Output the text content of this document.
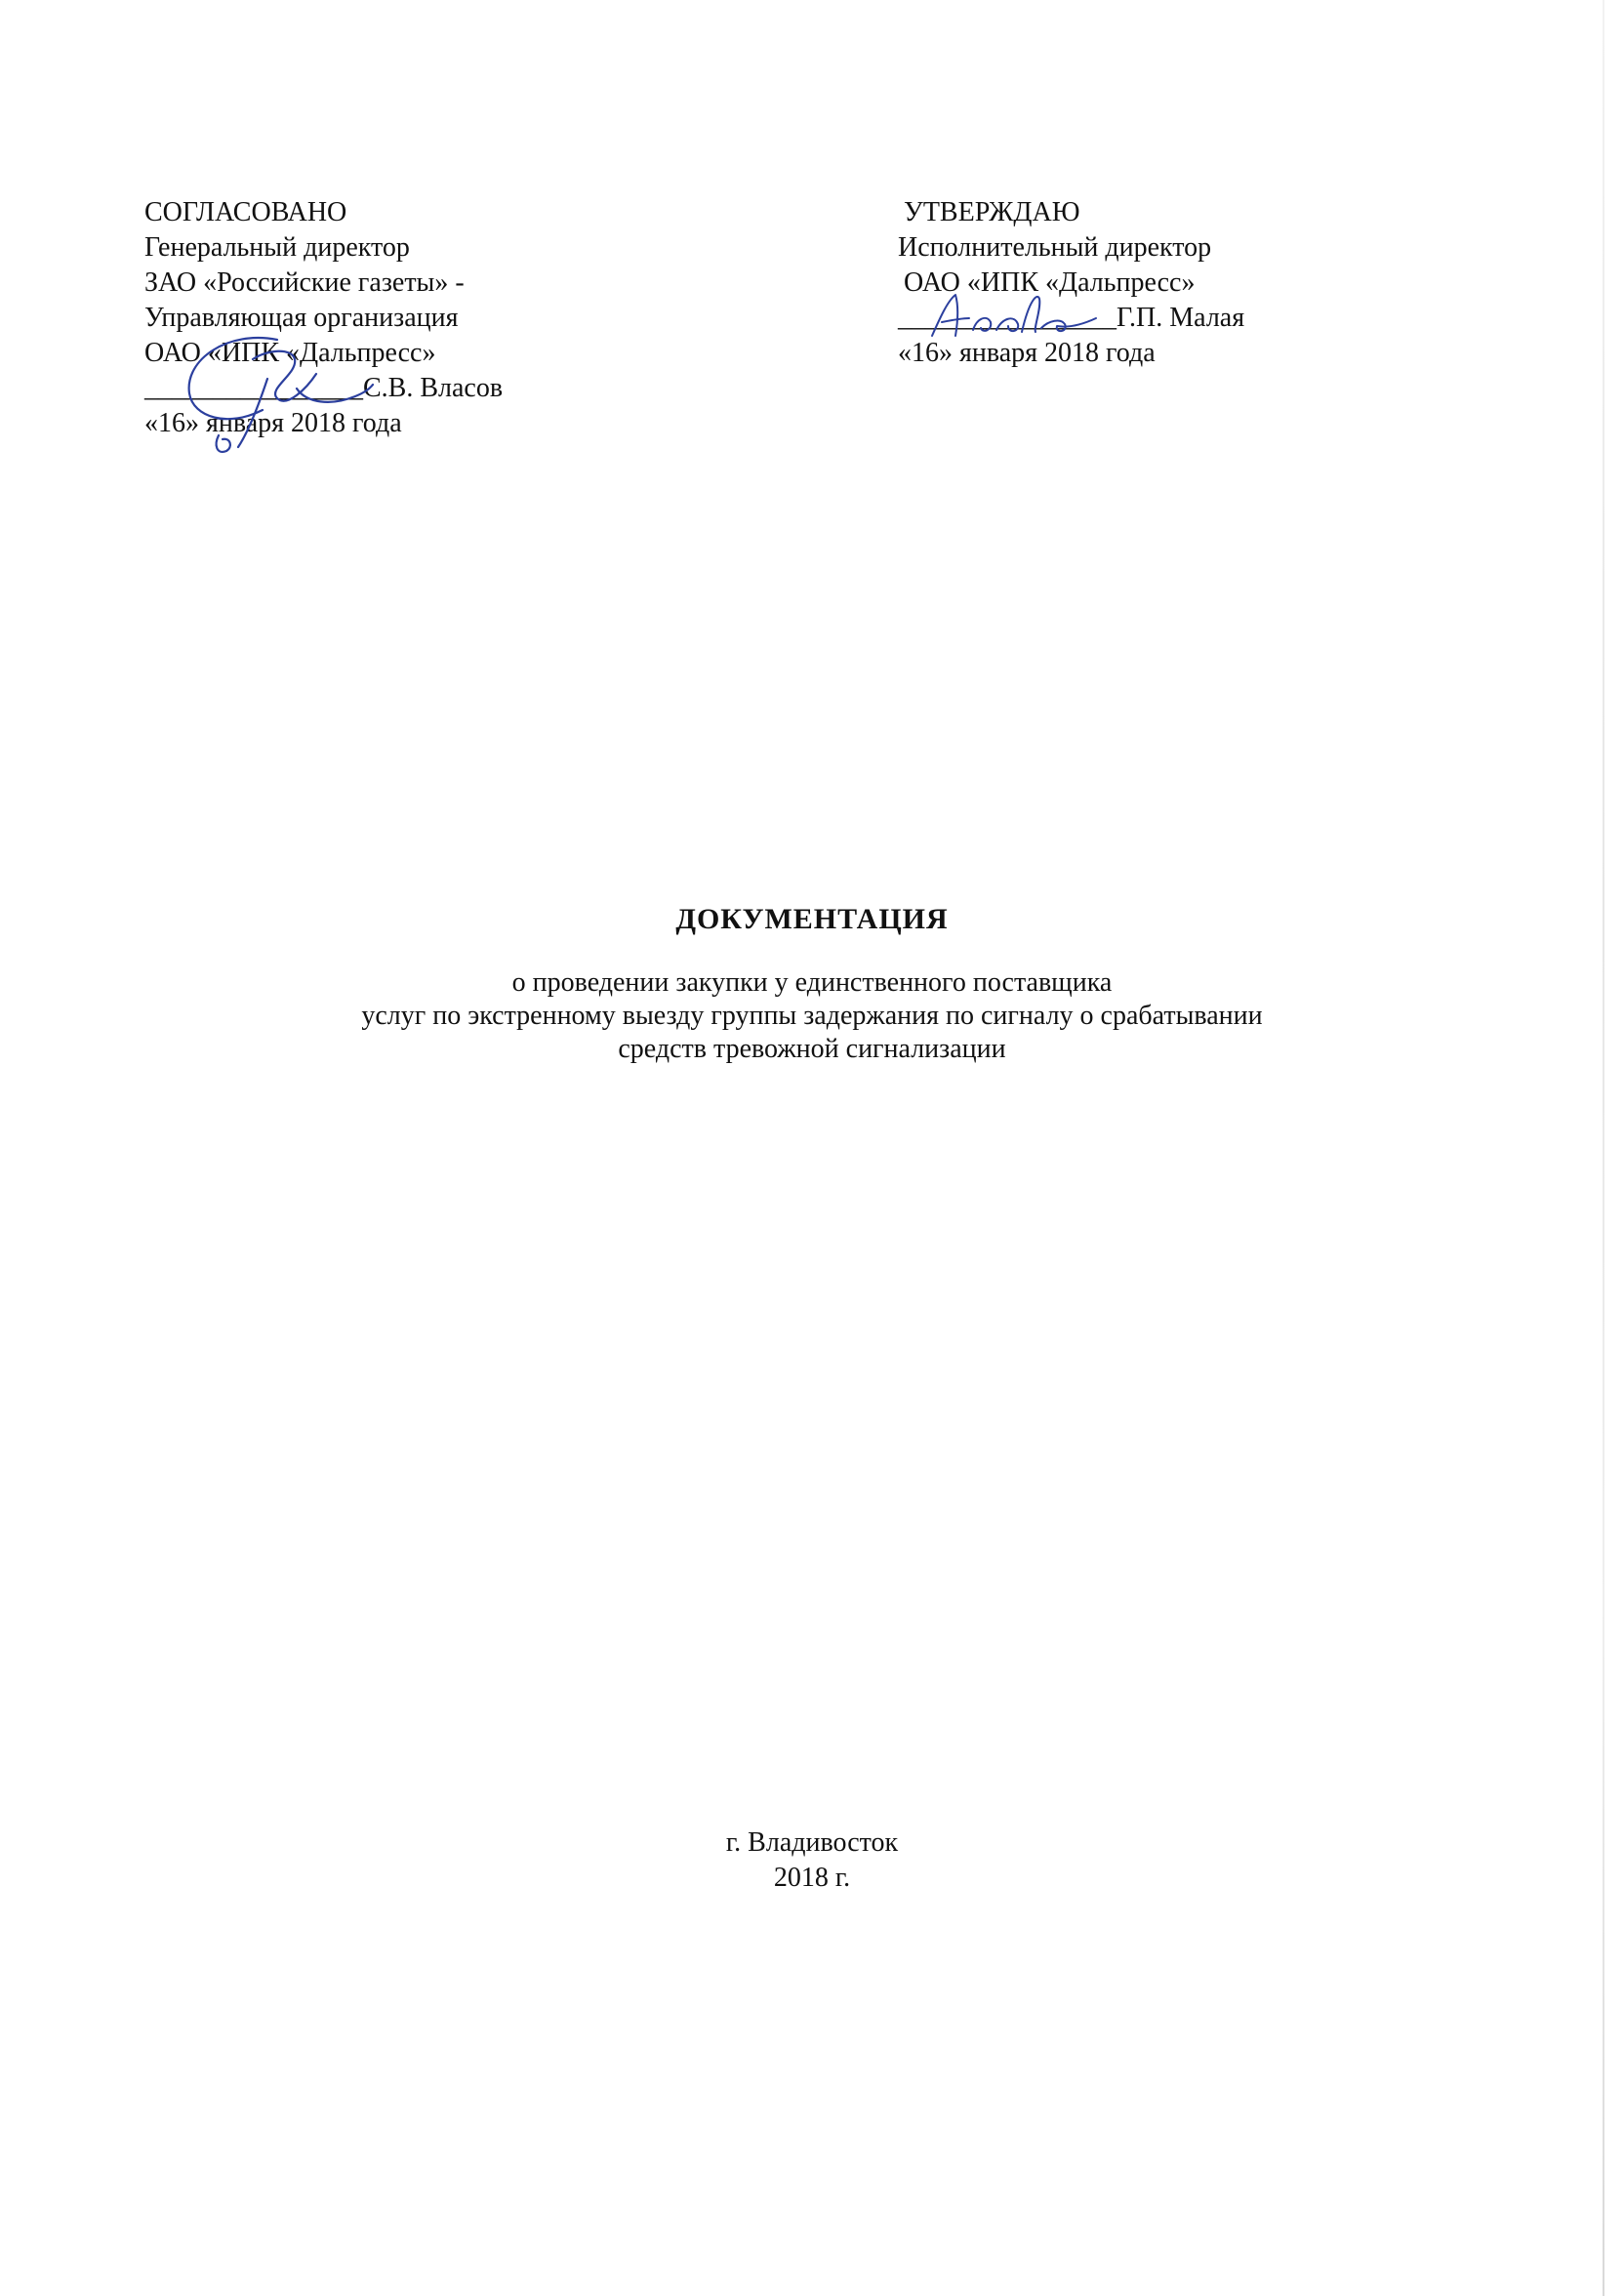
СОГЛАСОВАНО
Генеральный директор
ЗАО «Российские газеты» -
Управляющая организация
ОАО «ИПК «Дальпресс»
________________С.В. Власов
«16» января 2018 года
УТВЕРЖДАЮ
Исполнительный директор
ОАО «ИПК «Дальпресс»
________________Г.П. Малая
«16» января 2018 года
ДОКУМЕНТАЦИЯ
о проведении закупки у единственного поставщика
услуг по экстренному выезду группы задержания по сигналу о срабатывании
средств тревожной сигнализации
г. Владивосток
2018 г.
